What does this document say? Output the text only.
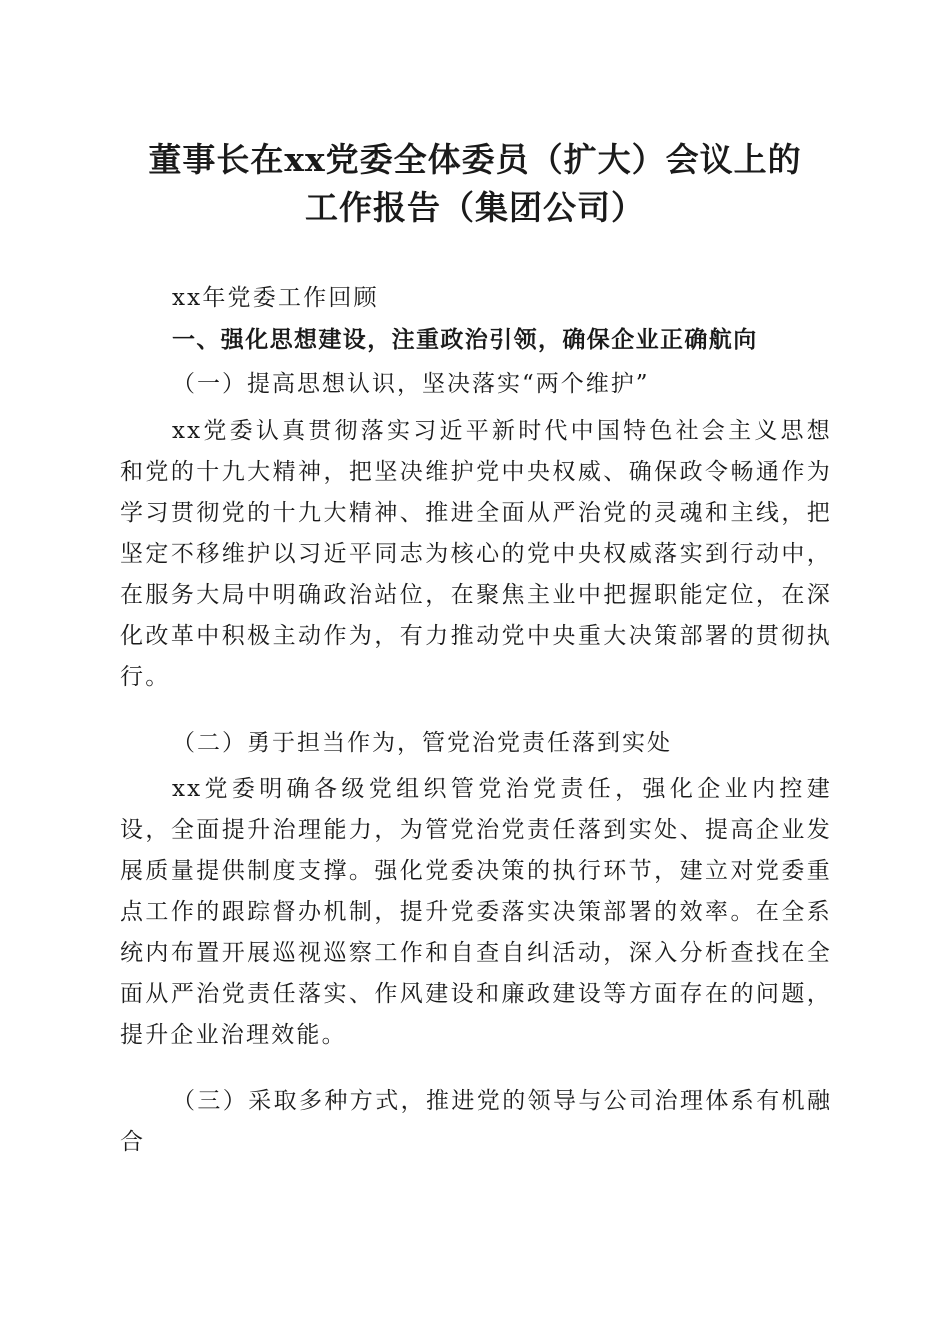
董事长在xx党委全体委员（扩大）会议上的
工作报告（集团公司）

xx年党委工作回顾

一、强化思想建设，注重政治引领，确保企业正确航向

（一）提高思想认识，坚决落实“两个维护”

xx党委认真贯彻落实习近平新时代中国特色社会主义思想和党的十九大精神，把坚决维护党中央权威、确保政令畅通作为学习贯彻党的十九大精神、推进全面从严治党的灵魂和主线，把坚定不移维护以习近平同志为核心的党中央权威落实到行动中，在服务大局中明确政治站位，在聚焦主业中把握职能定位，在深化改革中积极主动作为，有力推动党中央重大决策部署的贯彻执行。

（二）勇于担当作为，管党治党责任落到实处

xx党委明确各级党组织管党治党责任，强化企业内控建设，全面提升治理能力，为管党治党责任落到实处、提高企业发展质量提供制度支撑。强化党委决策的执行环节，建立对党委重点工作的跟踪督办机制，提升党委落实决策部署的效率。在全系统内布置开展巡视巡察工作和自查自纠活动，深入分析查找在全面从严治党责任落实、作风建设和廉政建设等方面存在的问题，提升企业治理效能。

（三）采取多种方式，推进党的领导与公司治理体系有机融合
